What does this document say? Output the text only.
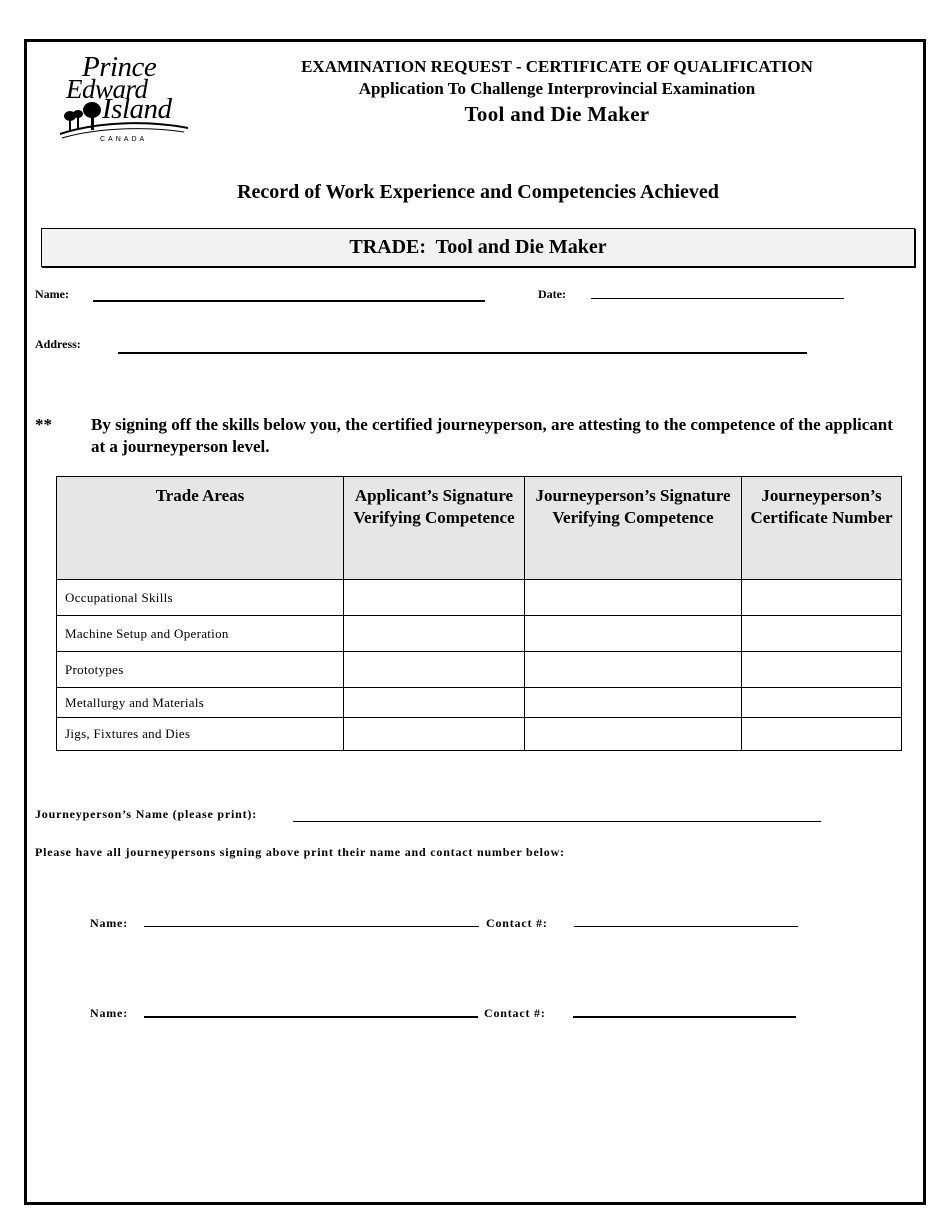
Prince
Edward
Island
CANADA
EXAMINATION REQUEST - CERTIFICATE OF QUALIFICATION
Application To Challenge Interprovincial Examination
Tool and Die Maker
Record of Work Experience and Competencies Achieved
TRADE:  Tool and Die Maker
Name:	Date:
Address:
** By signing off the skills below you, the certified journeyperson, are attesting to the competence of the applicant at a journeyperson level.
Trade Areas	Applicant’s Signature Verifying Competence	Journeyperson’s Signature Verifying Competence	Journeyperson’s Certificate Number
Occupational Skills			
Machine Setup and Operation			
Prototypes			
Metallurgy and Materials			
Jigs, Fixtures and Dies			
Journeyperson’s Name (please print):
Please have all journeypersons signing above print their name and contact number below:
Name:	Contact #:
Name:	Contact #:
